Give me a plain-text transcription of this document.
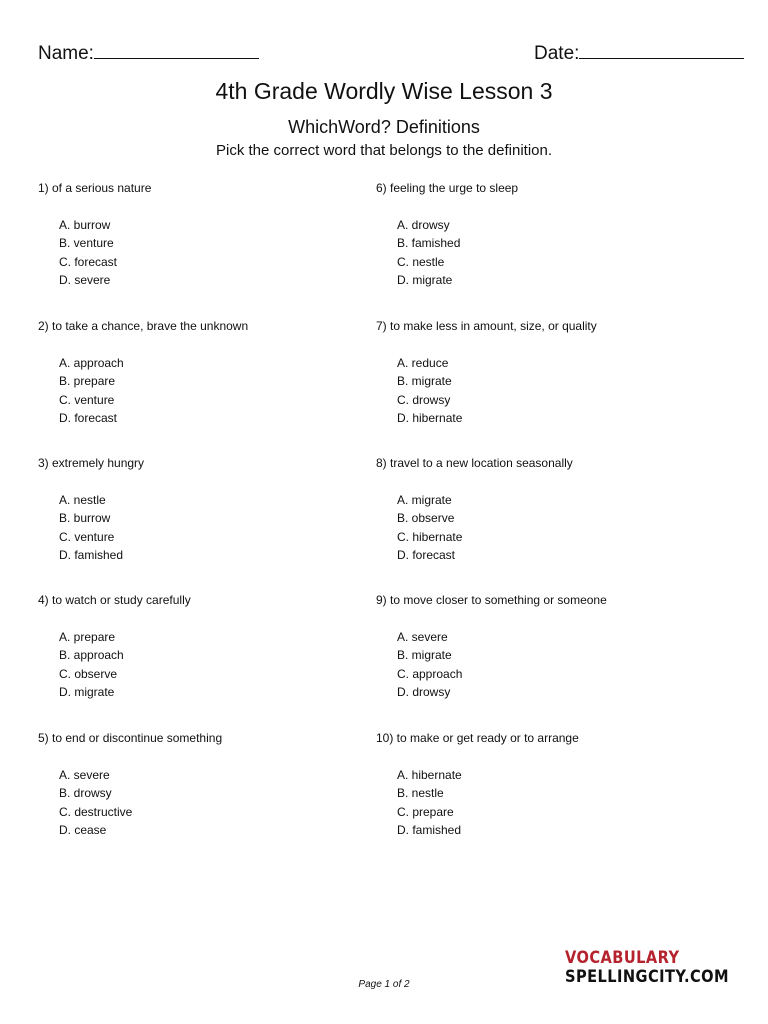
Name:	Date:
4th Grade Wordly Wise Lesson 3
WhichWord? Definitions
Pick the correct word that belongs to the definition.
1) of a serious nature
A. burrow
B. venture
C. forecast
D. severe
2) to take a chance, brave the unknown
A. approach
B. prepare
C. venture
D. forecast
3) extremely hungry
A. nestle
B. burrow
C. venture
D. famished
4) to watch or study carefully
A. prepare
B. approach
C. observe
D. migrate
5) to end or discontinue something
A. severe
B. drowsy
C. destructive
D. cease
6) feeling the urge to sleep
A. drowsy
B. famished
C. nestle
D. migrate
7) to make less in amount, size, or quality
A. reduce
B. migrate
C. drowsy
D. hibernate
8) travel to a new location seasonally
A. migrate
B. observe
C. hibernate
D. forecast
9) to move closer to something or someone
A. severe
B. migrate
C. approach
D. drowsy
10) to make or get ready or to arrange
A. hibernate
B. nestle
C. prepare
D. famished
Page 1 of 2
VOCABULARY
SPELLINGCITY.COM
